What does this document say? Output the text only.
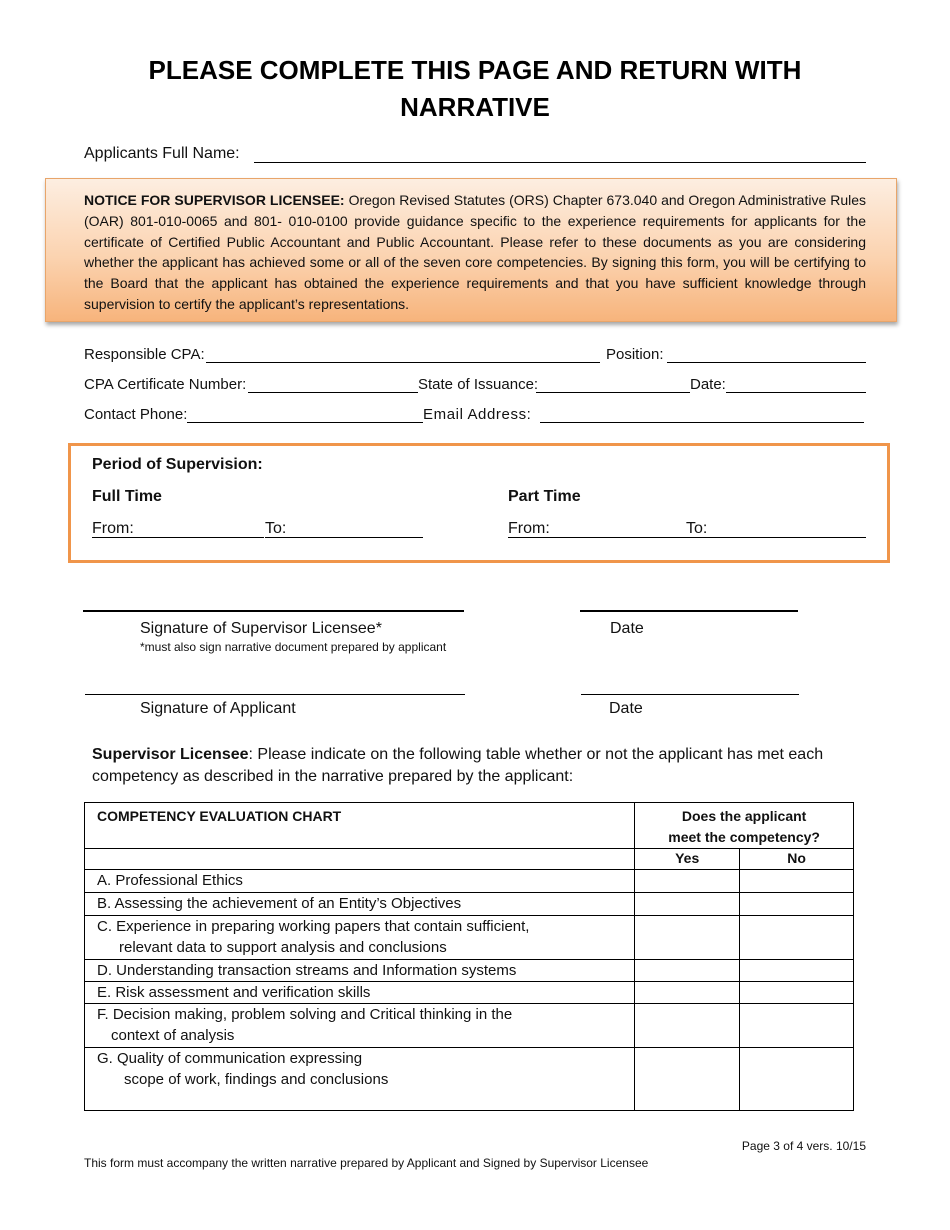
PLEASE COMPLETE THIS PAGE AND RETURN WITH NARRATIVE
Applicants Full Name:
NOTICE FOR SUPERVISOR LICENSEE: Oregon Revised Statutes (ORS) Chapter 673.040 and Oregon Administrative Rules (OAR) 801-010-0065 and 801- 010-0100 provide guidance specific to the experience requirements for applicants for the certificate of Certified Public Accountant and Public Accountant. Please refer to these documents as you are considering whether the applicant has achieved some or all of the seven core competencies. By signing this form, you will be certifying to the Board that the applicant has obtained the experience requirements and that you have sufficient knowledge through supervision to certify the applicant’s representations.
Responsible CPA:	Position:
CPA Certificate Number:	State of Issuance:	Date:
Contact Phone:	Email Address:
Period of Supervision:
Full Time	Part Time
From:	To:	From:	To:
Signature of Supervisor Licensee*
*must also sign narrative document prepared by applicant
Date
Signature of Applicant	Date
Supervisor Licensee: Please indicate on the following table whether or not the applicant has met each competency as described in the narrative prepared by the applicant:
COMPETENCY EVALUATION CHART	Does the applicant
meet the competency?	

	Yes	No
A. Professional Ethics		
B. Assessing the achievement of an Entity’s Objectives		

C. Experience in preparing working papers that contain sufficient,
relevant data to support analysis and conclusions		

D. Understanding transaction streams and Information systems		
E. Risk assessment and verification skills		

F. Decision making, problem solving and Critical thinking in the
context of analysis		

G. Quality of communication expressing
scope of work, findings and conclusions		

Page 3 of 4 vers. 10/15
This form must accompany the written narrative prepared by Applicant and Signed by Supervisor Licensee
